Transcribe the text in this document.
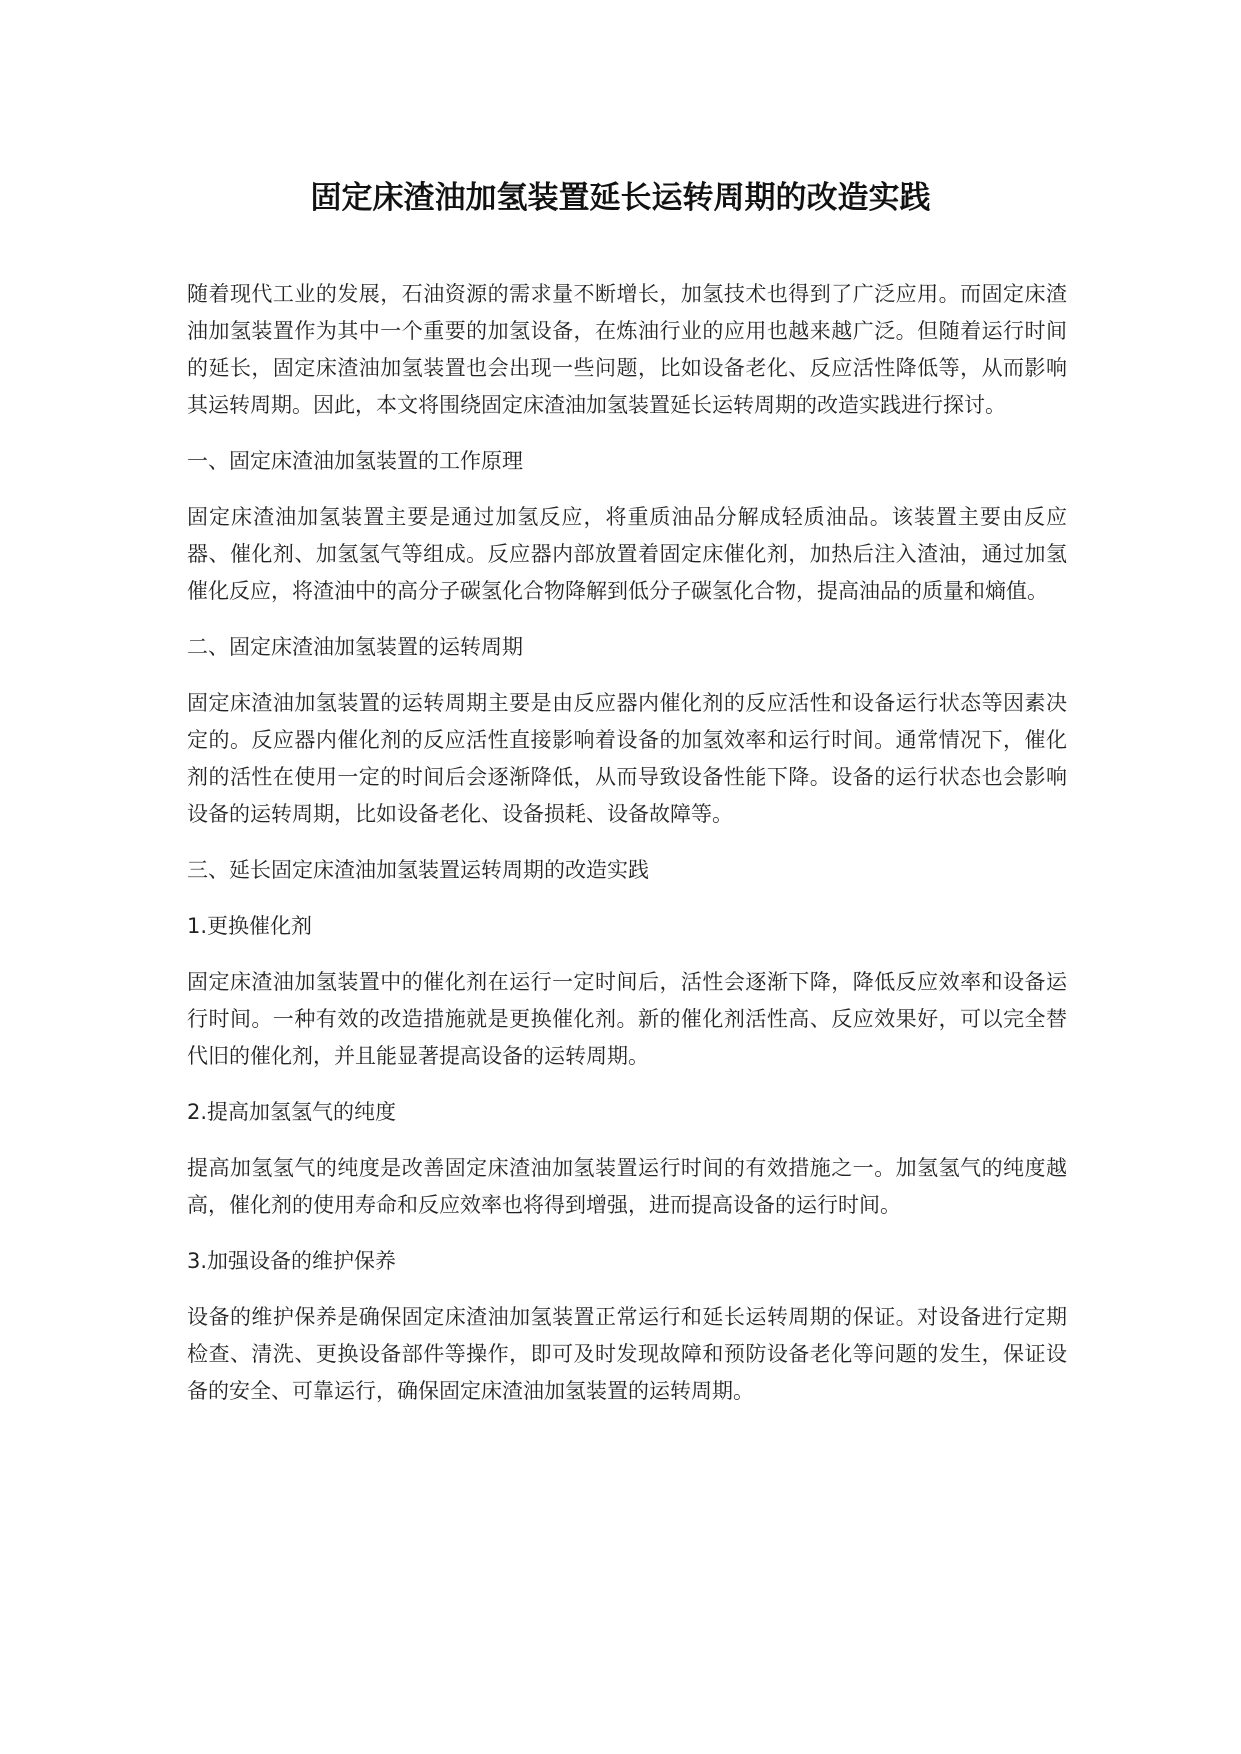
固定床渣油加氢装置延长运转周期的改造实践

随着现代工业的发展，石油资源的需求量不断增长，加氢技术也得到了广泛应用。而固定床渣油加氢装置作为其中一个重要的加氢设备，在炼油行业的应用也越来越广泛。但随着运行时间的延长，固定床渣油加氢装置也会出现一些问题，比如设备老化、反应活性降低等，从而影响其运转周期。因此，本文将围绕固定床渣油加氢装置延长运转周期的改造实践进行探讨。

一、固定床渣油加氢装置的工作原理

固定床渣油加氢装置主要是通过加氢反应，将重质油品分解成轻质油品。该装置主要由反应器、催化剂、加氢氢气等组成。反应器内部放置着固定床催化剂，加热后注入渣油，通过加氢催化反应，将渣油中的高分子碳氢化合物降解到低分子碳氢化合物，提高油品的质量和熵值。

二、固定床渣油加氢装置的运转周期

固定床渣油加氢装置的运转周期主要是由反应器内催化剂的反应活性和设备运行状态等因素决定的。反应器内催化剂的反应活性直接影响着设备的加氢效率和运行时间。通常情况下，催化剂的活性在使用一定的时间后会逐渐降低，从而导致设备性能下降。设备的运行状态也会影响设备的运转周期，比如设备老化、设备损耗、设备故障等。

三、延长固定床渣油加氢装置运转周期的改造实践

1.更换催化剂

固定床渣油加氢装置中的催化剂在运行一定时间后，活性会逐渐下降，降低反应效率和设备运行时间。一种有效的改造措施就是更换催化剂。新的催化剂活性高、反应效果好，可以完全替代旧的催化剂，并且能显著提高设备的运转周期。

2.提高加氢氢气的纯度

提高加氢氢气的纯度是改善固定床渣油加氢装置运行时间的有效措施之一。加氢氢气的纯度越高，催化剂的使用寿命和反应效率也将得到增强，进而提高设备的运行时间。

3.加强设备的维护保养

设备的维护保养是确保固定床渣油加氢装置正常运行和延长运转周期的保证。对设备进行定期检查、清洗、更换设备部件等操作，即可及时发现故障和预防设备老化等问题的发生，保证设备的安全、可靠运行，确保固定床渣油加氢装置的运转周期。
